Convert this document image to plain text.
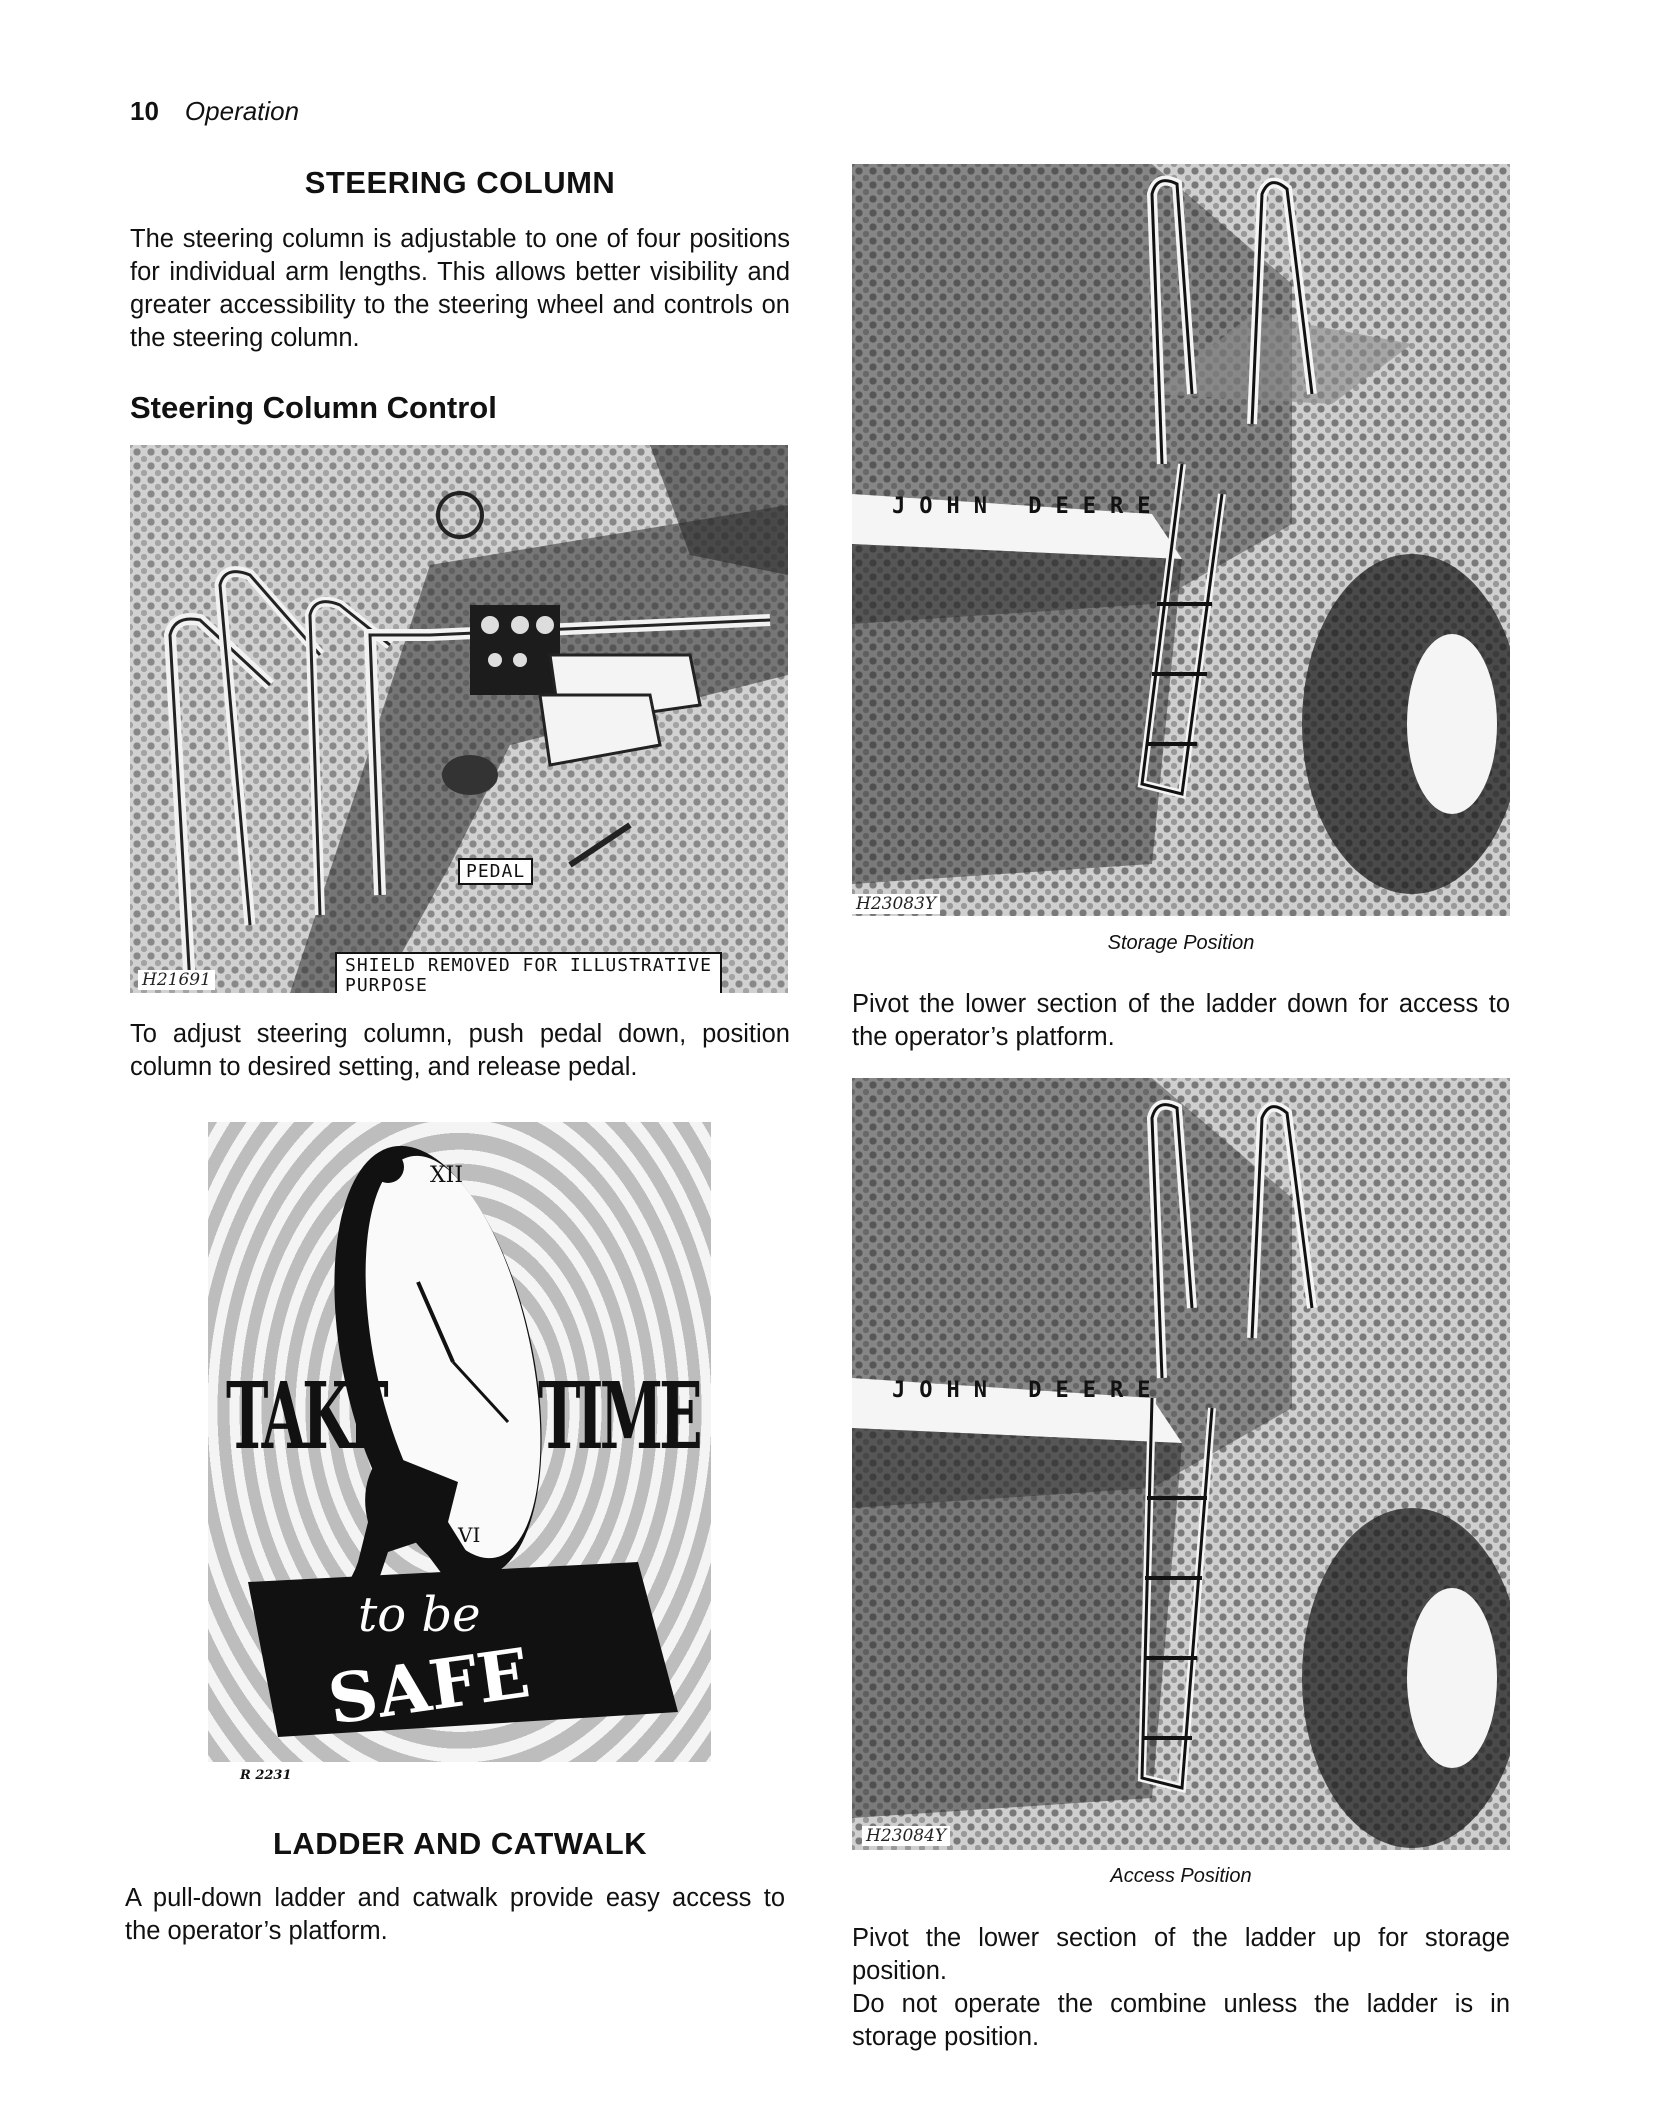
10 Operation
STEERING COLUMN

The steering column is adjustable to one of four positions for individual arm lengths. This allows better visibility and greater accessibility to the steering wheel and controls on the steering column.

Steering Column Control
PEDAL
SHIELD REMOVED FOR ILLUSTRATIVE
PURPOSE
H21691

To adjust steering column, push pedal down, position column to desired setting, and release pedal.

XII
VI
TAKE TIME
to be
SAFE
R 2231
LADDER AND CATWALK

A pull-down ladder and catwalk provide easy access to the operator’s platform.

JOHN DEERE
H23083Y
Storage Position

Pivot the lower section of the ladder down for access to the operator’s platform.

JOHN DEERE
H23084Y
Access Position

Pivot the lower section of the ladder up for storage position.

Do not operate the combine unless the ladder is in storage position.
